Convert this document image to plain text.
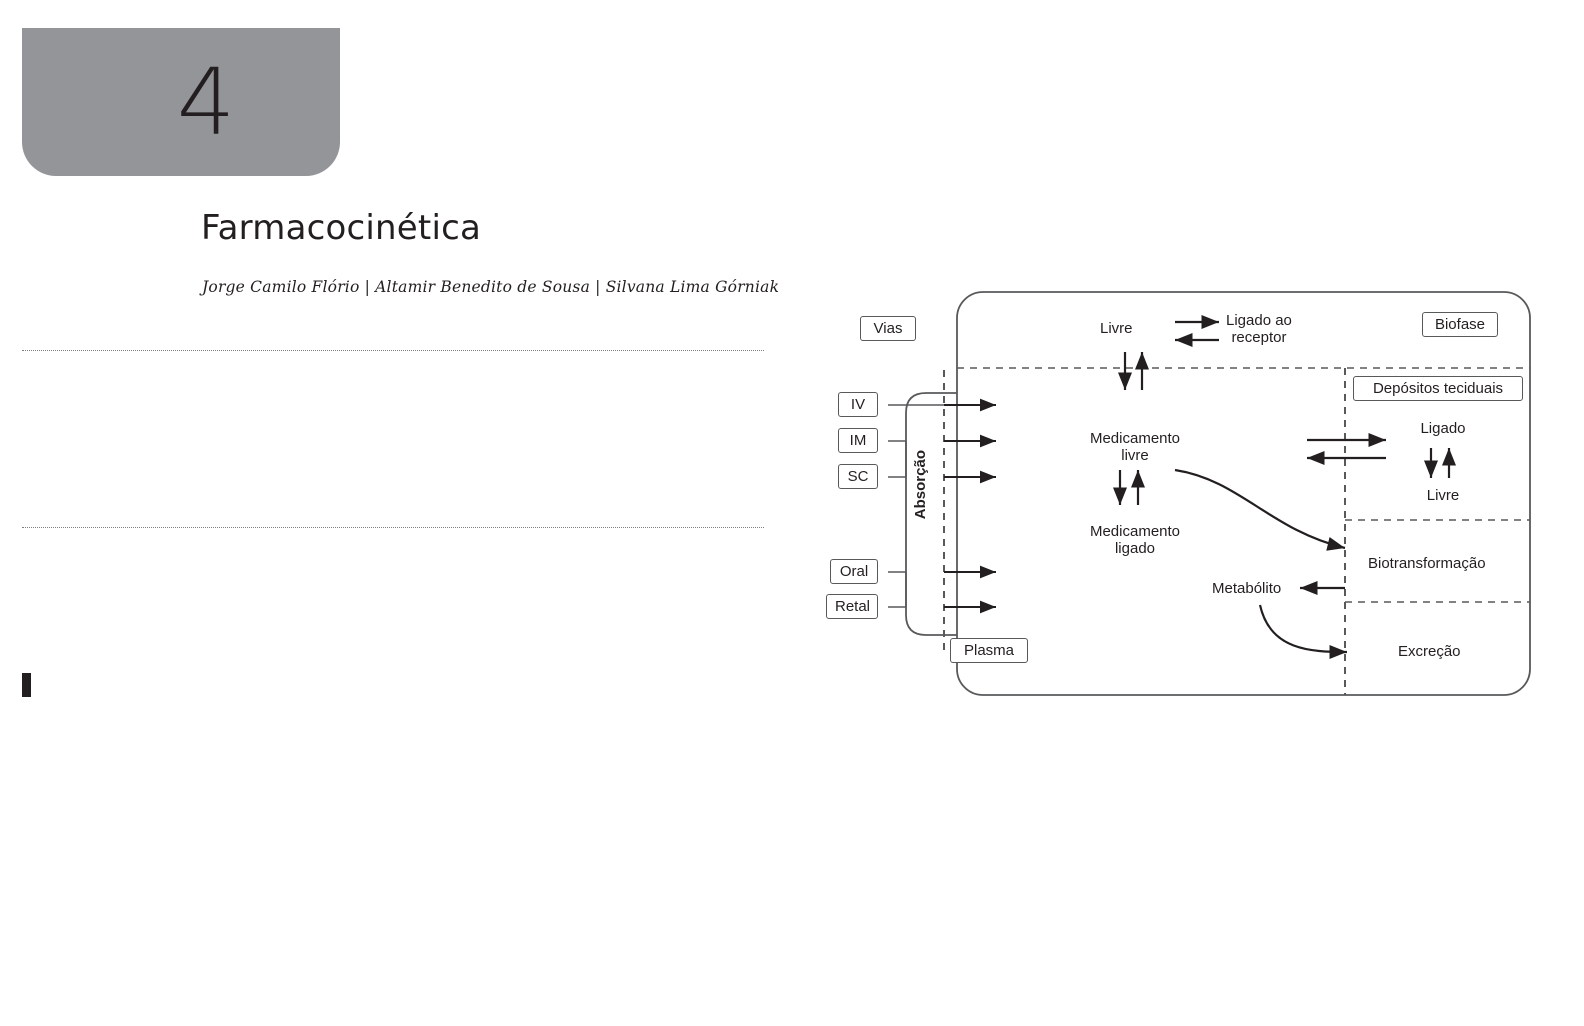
4
Farmacocinética
Jorge Camilo Flório | Altamir Benedito de Sousa | Silvana Lima Górniak
Vias	Biofase
Plasma
IV
IM
SC
Oral
Retal
Depósitos teciduais
Absorção
Livre	Ligado ao
receptor
Medicamento
livre
Medicamento
ligado
Ligado
Livre
Biotransformação
Metabólito
Excreção
